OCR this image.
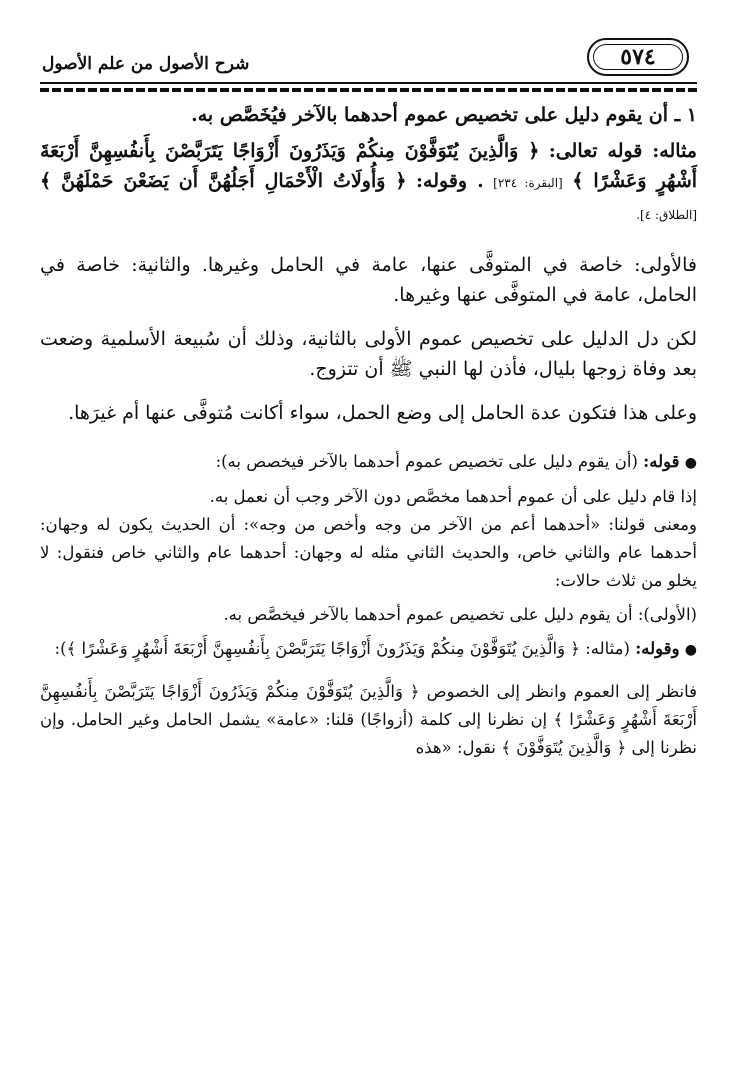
٥٧٤
شرح الأصول من علم الأصول

١ ـ أن يقوم دليل على تخصيص عموم أحدهما بالآخر فيُخَصَّص به.

مثاله: قوله تعالى: ﴿ وَالَّذِينَ يُتَوَفَّوْنَ مِنكُمْ وَيَذَرُونَ أَزْوَاجًا يَتَرَبَّصْنَ بِأَنفُسِهِنَّ أَرْبَعَةَ أَشْهُرٍ وَعَشْرًا ﴾ [البقرة: ٢٣٤] . وقوله: ﴿ وَأُولَاتُ الْأَحْمَالِ أَجَلُهُنَّ أَن يَضَعْنَ حَمْلَهُنَّ ﴾ [الطلاق: ٤].

فالأولى: خاصة في المتوفَّى عنها، عامة في الحامل وغيرها. والثانية: خاصة في الحامل، عامة في المتوفَّى عنها وغيرها.

لكن دل الدليل على تخصيص عموم الأولى بالثانية، وذلك أن سُبيعة الأسلمية وضعت بعد وفاة زوجها بليال، فأذن لها النبي ﷺ أن تتزوج.

وعلى هذا فتكون عدة الحامل إلى وضع الحمل، سواء أكانت مُتوفَّى عنها أم غيرَها.

● قوله: (أن يقوم دليل على تخصيص عموم أحدهما بالآخر فيخصص به):

إذا قام دليل على أن عموم أحدهما مخصَّص دون الآخر وجب أن نعمل به.

ومعنى قولنا: «أحدهما أعم من الآخر من وجه وأخص من وجه»: أن الحديث يكون له وجهان: أحدهما عام والثاني خاص، والحديث الثاني مثله له وجهان: أحدهما عام والثاني خاص فنقول: لا يخلو من ثلاث حالات:

(الأولى): أن يقوم دليل على تخصيص عموم أحدهما بالآخر فيخصَّص به.

● وقوله: (مثاله: ﴿ وَالَّذِينَ يُتَوَفَّوْنَ مِنكُمْ وَيَذَرُونَ أَزْوَاجًا يَتَرَبَّصْنَ بِأَنفُسِهِنَّ أَرْبَعَةَ أَشْهُرٍ وَعَشْرًا ﴾):

فانظر إلى العموم وانظر إلى الخصوص ﴿ وَالَّذِينَ يُتَوَفَّوْنَ مِنكُمْ وَيَذَرُونَ أَزْوَاجًا يَتَرَبَّصْنَ بِأَنفُسِهِنَّ أَرْبَعَةَ أَشْهُرٍ وَعَشْرًا ﴾ إن نظرنا إلى كلمة (أزواجًا) قلنا: «عامة» يشمل الحامل وغير الحامل. وإن نظرنا إلى ﴿ وَالَّذِينَ يُتَوَفَّوْنَ ﴾ نقول: «هذه
